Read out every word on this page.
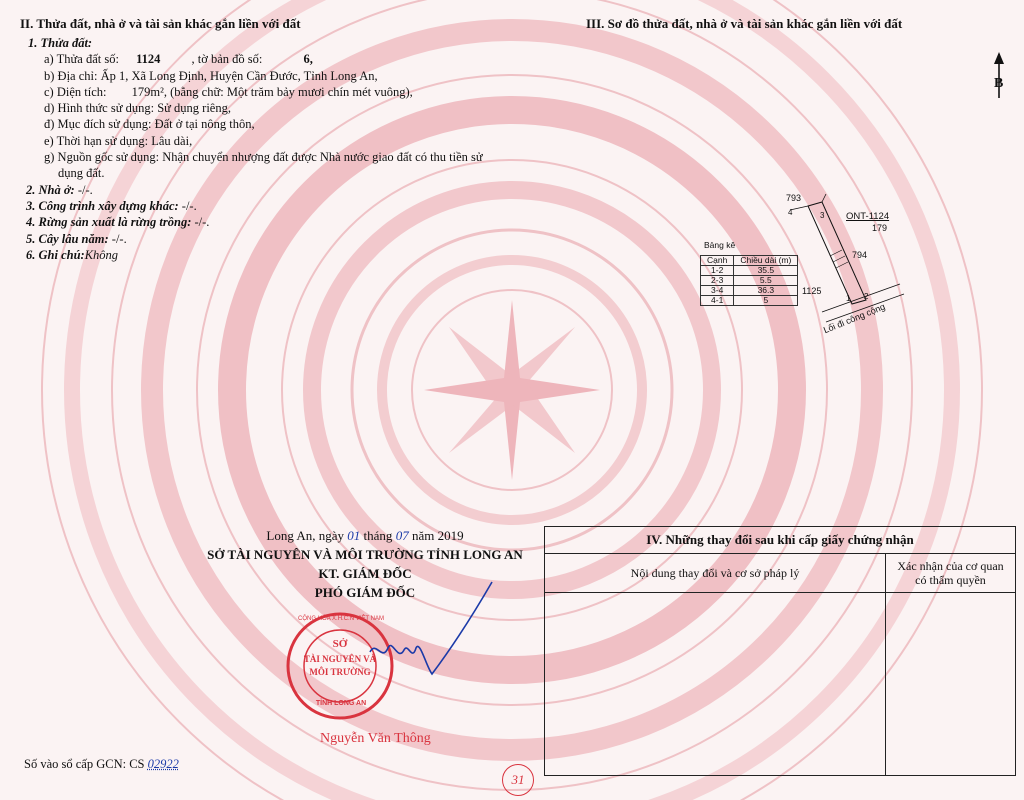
II. Thửa đất, nhà ở và tài sản khác gắn liền với đất
1. Thửa đất:
a) Thửa đất số: 1124 , tờ bản đồ số:	6,
b) Địa chỉ: Ấp 1, Xã Long Định, Huyện Cần Đước, Tỉnh Long An,
c) Diện tích: 179m², (bằng chữ: Một trăm bảy mươi chín mét vuông),
d) Hình thức sử dụng: Sử dụng riêng,
đ) Mục đích sử dụng: Đất ở tại nông thôn,
e) Thời hạn sử dụng: Lâu dài,
g) Nguồn gốc sử dụng: Nhận chuyển nhượng đất được Nhà nước giao đất có thu tiền sử
dụng đất.
2. Nhà ở: -/-.
3. Công trình xây dựng khác: -/-.
4. Rừng sản xuất là rừng trồng: -/-.
5. Cây lâu năm: -/-.
6. Ghi chú:Không
III. Sơ đồ thửa đất, nhà ở và tài sản khác gắn liền với đất
B
793
4	ONT-1124
179
794
1125
1 2
3
Lối đi công cộng
Bảng kê
Cạnh	Chiều dài (m)
1-2	35.5
2-3	5.5
3-4	36.3
4-1	5
Long An, ngày 01 tháng 07 năm 2019
SỞ TÀI NGUYÊN VÀ MÔI TRƯỜNG TỈNH LONG AN
KT. GIÁM ĐỐC
PHÓ GIÁM ĐỐC
SỞ
TÀI NGUYÊN VÀ
MÔI TRƯỜNG
CỘNG HÒA X.H.C.N VIỆT NAM
TỈNH LONG AN
Nguyễn Văn Thông
Số vào sổ cấp GCN: CS 02922
31
IV. Những thay đổi sau khi cấp giấy chứng nhận
Nội dung thay đổi và cơ sở pháp lý	Xác nhận của cơ quan
có thẩm quyền
